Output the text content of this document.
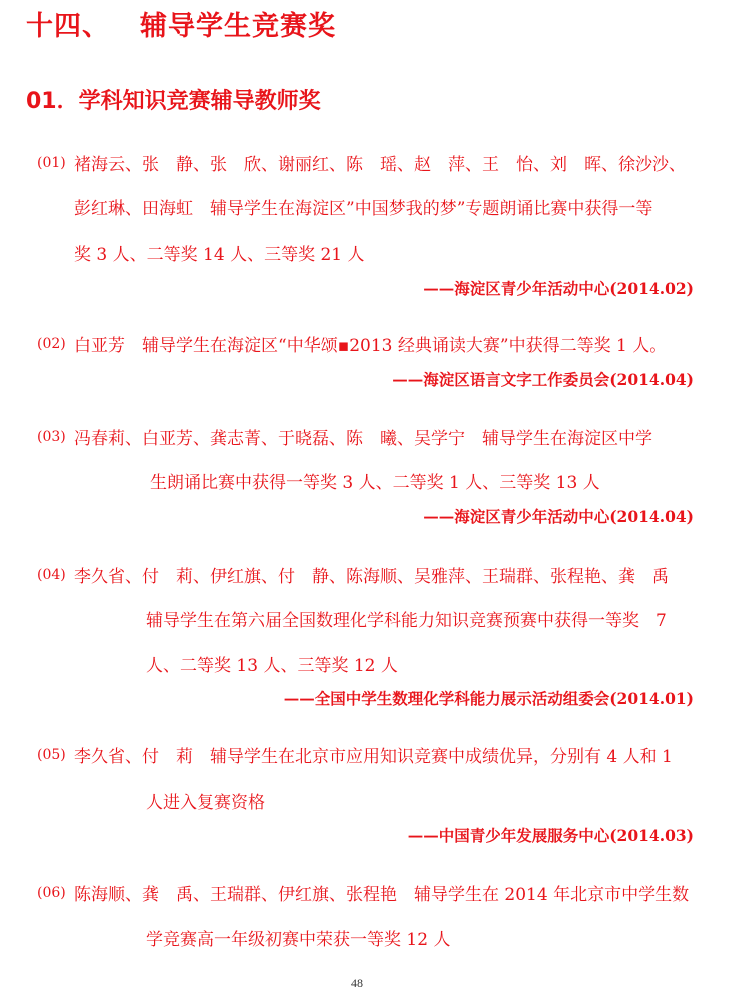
十四、 辅导学生竞赛奖
01．学科知识竞赛辅导教师奖
(01) 褚海云、张　静、张　欣、谢丽红、陈　瑶、赵　萍、王　怡、刘　晖、徐沙沙、
彭红琳、田海虹　辅导学生在海淀区”中国梦我的梦”专题朗诵比赛中获得一等
奖 3 人、二等奖 14 人、三等奖 21 人
——海淀区青少年活动中心(2014.02)
(02) 白亚芳　辅导学生在海淀区“中华颂▪2013 经典诵读大赛”中获得二等奖 1 人。
——海淀区语言文字工作委员会(2014.04)
(03) 冯春莉、白亚芳、龚志菁、于晓磊、陈　曦、吴学宁　辅导学生在海淀区中学
生朗诵比赛中获得一等奖 3 人、二等奖 1 人、三等奖 13 人
——海淀区青少年活动中心(2014.04)
(04) 李久省、付　莉、伊红旗、付　静、陈海顺、吴雅萍、王瑞群、张程艳、龚　禹
辅导学生在第六届全国数理化学科能力知识竞赛预赛中获得一等奖　7
人、二等奖 13 人、三等奖 12 人
——全国中学生数理化学科能力展示活动组委会(2014.01)
(05) 李久省、付　莉　辅导学生在北京市应用知识竞赛中成绩优异，分别有 4 人和 1
人进入复赛资格
——中国青少年发展服务中心(2014.03)
(06) 陈海顺、龚　禹、王瑞群、伊红旗、张程艳　辅导学生在 2014 年北京市中学生数
学竞赛高一年级初赛中荣获一等奖 12 人
48
